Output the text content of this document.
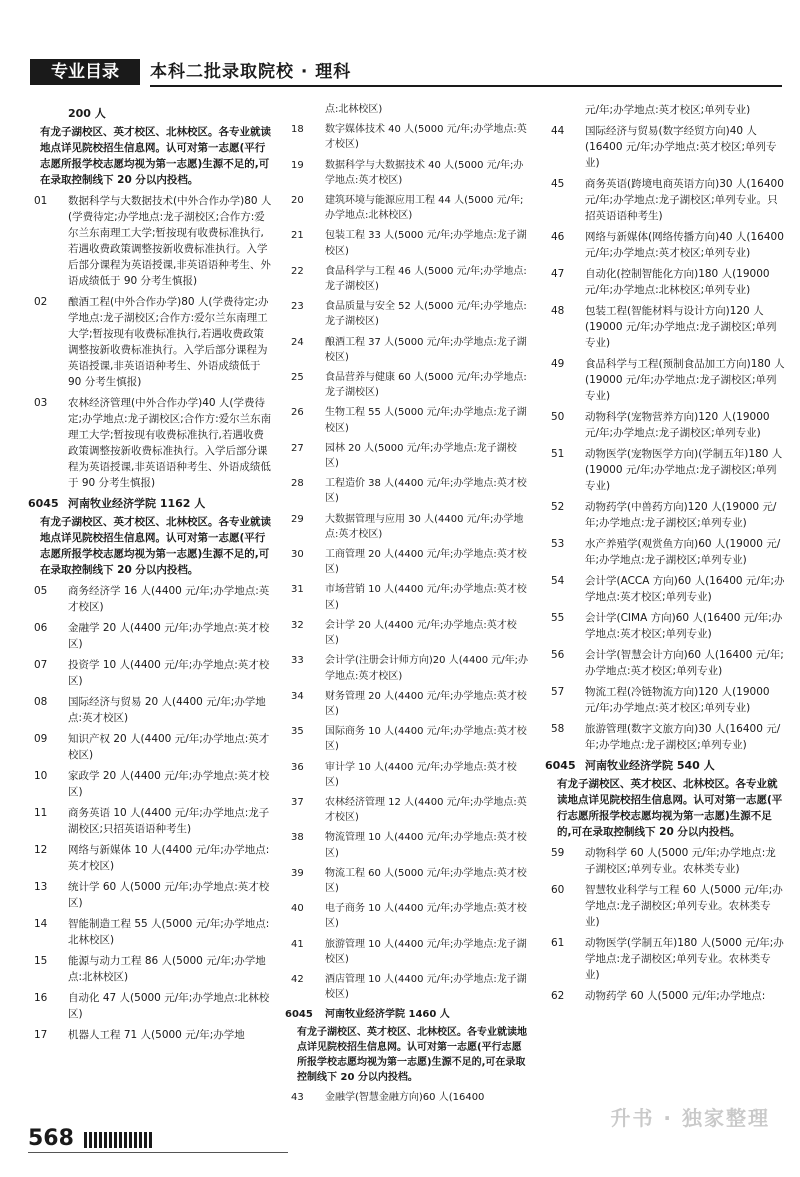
专业目录	本科二批录取院校 · 理科
200 人
有龙子湖校区、英才校区、北林校区。各专业就读地点详见院校招生信息网。认可对第一志愿(平行志愿所报学校志愿均视为第一志愿)生源不足的,可在录取控制线下 20 分以内投档。
01	数据科学与大数据技术(中外合作办学)80 人(学费待定;办学地点:龙子湖校区;合作方:爱尔兰东南理工大学;暂按现有收费标准执行,若遇收费政策调整按新收费标准执行。入学后部分课程为英语授课,非英语语种考生、外语成绩低于 90 分考生慎报)
02	酿酒工程(中外合作办学)80 人(学费待定;办学地点:龙子湖校区;合作方:爱尔兰东南理工大学;暂按现有收费标准执行,若遇收费政策调整按新收费标准执行。入学后部分课程为英语授课,非英语语种考生、外语成绩低于 90 分考生慎报)
03	农林经济管理(中外合作办学)40 人(学费待定;办学地点:龙子湖校区;合作方:爱尔兰东南理工大学;暂按现有收费标准执行,若遇收费政策调整按新收费标准执行。入学后部分课程为英语授课,非英语语种考生、外语成绩低于 90 分考生慎报)
6045 河南牧业经济学院 1162 人
有龙子湖校区、英才校区、北林校区。各专业就读地点详见院校招生信息网。认可对第一志愿(平行志愿所报学校志愿均视为第一志愿)生源不足的,可在录取控制线下 20 分以内投档。
05	商务经济学 16 人(4400 元/年;办学地点:英才校区)
06	金融学 20 人(4400 元/年;办学地点:英才校区)
07	投资学 10 人(4400 元/年;办学地点:英才校区)
08	国际经济与贸易 20 人(4400 元/年;办学地点:英才校区)
09	知识产权 20 人(4400 元/年;办学地点:英才校区)
10	家政学 20 人(4400 元/年;办学地点:英才校区)
11	商务英语 10 人(4400 元/年;办学地点:龙子湖校区;只招英语语种考生)
12	网络与新媒体 10 人(4400 元/年;办学地点:英才校区)
13	统计学 60 人(5000 元/年;办学地点:英才校区)
14	智能制造工程 55 人(5000 元/年;办学地点:北林校区)
15	能源与动力工程 86 人(5000 元/年;办学地点:北林校区)
16	自动化 47 人(5000 元/年;办学地点:北林校区)
17	机器人工程 71 人(5000 元/年;办学地
点:北林校区)
18	数字媒体技术 40 人(5000 元/年;办学地点:英才校区)
19	数据科学与大数据技术 40 人(5000 元/年;办学地点:英才校区)
20	建筑环境与能源应用工程 44 人(5000 元/年;办学地点:北林校区)
21	包装工程 33 人(5000 元/年;办学地点:龙子湖校区)
22	食品科学与工程 46 人(5000 元/年;办学地点:龙子湖校区)
23	食品质量与安全 52 人(5000 元/年;办学地点:龙子湖校区)
24	酿酒工程 37 人(5000 元/年;办学地点:龙子湖校区)
25	食品营养与健康 60 人(5000 元/年;办学地点:龙子湖校区)
26	生物工程 55 人(5000 元/年;办学地点:龙子湖校区)
27	园林 20 人(5000 元/年;办学地点:龙子湖校区)
28	工程造价 38 人(4400 元/年;办学地点:英才校区)
29	大数据管理与应用 30 人(4400 元/年;办学地点:英才校区)
30	工商管理 20 人(4400 元/年;办学地点:英才校区)
31	市场营销 10 人(4400 元/年;办学地点:英才校区)
32	会计学 20 人(4400 元/年;办学地点:英才校区)
33	会计学(注册会计师方向)20 人(4400 元/年;办学地点:英才校区)
34	财务管理 20 人(4400 元/年;办学地点:英才校区)
35	国际商务 10 人(4400 元/年;办学地点:英才校区)
36	审计学 10 人(4400 元/年;办学地点:英才校区)
37	农林经济管理 12 人(4400 元/年;办学地点:英才校区)
38	物流管理 10 人(4400 元/年;办学地点:英才校区)
39	物流工程 60 人(5000 元/年;办学地点:英才校区)
40	电子商务 10 人(4400 元/年;办学地点:英才校区)
41	旅游管理 10 人(4400 元/年;办学地点:龙子湖校区)
42	酒店管理 10 人(4400 元/年;办学地点:龙子湖校区)
6045 河南牧业经济学院 1460 人
有龙子湖校区、英才校区、北林校区。各专业就读地点详见院校招生信息网。认可对第一志愿(平行志愿所报学校志愿均视为第一志愿)生源不足的,可在录取控制线下 20 分以内投档。
43	金融学(智慧金融方向)60 人(16400
元/年;办学地点:英才校区;单列专业)
44	国际经济与贸易(数字经贸方向)40 人(16400 元/年;办学地点:英才校区;单列专业)
45	商务英语(跨境电商英语方向)30 人(16400 元/年;办学地点:龙子湖校区;单列专业。只招英语语种考生)
46	网络与新媒体(网络传播方向)40 人(16400 元/年;办学地点:英才校区;单列专业)
47	自动化(控制智能化方向)180 人(19000 元/年;办学地点:北林校区;单列专业)
48	包装工程(智能材料与设计方向)120 人(19000 元/年;办学地点:龙子湖校区;单列专业)
49	食品科学与工程(预制食品加工方向)180 人(19000 元/年;办学地点:龙子湖校区;单列专业)
50	动物科学(宠物营养方向)120 人(19000 元/年;办学地点:龙子湖校区;单列专业)
51	动物医学(宠物医学方向)(学制五年)180 人(19000 元/年;办学地点:龙子湖校区;单列专业)
52	动物药学(中兽药方向)120 人(19000 元/年;办学地点:龙子湖校区;单列专业)
53	水产养殖学(观赏鱼方向)60 人(19000 元/年;办学地点:龙子湖校区;单列专业)
54	会计学(ACCA 方向)60 人(16400 元/年;办学地点:英才校区;单列专业)
55	会计学(CIMA 方向)60 人(16400 元/年;办学地点:英才校区;单列专业)
56	会计学(智慧会计方向)60 人(16400 元/年;办学地点:英才校区;单列专业)
57	物流工程(冷链物流方向)120 人(19000 元/年;办学地点:英才校区;单列专业)
58	旅游管理(数字文旅方向)30 人(16400 元/年;办学地点:龙子湖校区;单列专业)
6045 河南牧业经济学院 540 人
有龙子湖校区、英才校区、北林校区。各专业就读地点详见院校招生信息网。认可对第一志愿(平行志愿所报学校志愿均视为第一志愿)生源不足的,可在录取控制线下 20 分以内投档。
59	动物科学 60 人(5000 元/年;办学地点:龙子湖校区;单列专业。农林类专业)
60	智慧牧业科学与工程 60 人(5000 元/年;办学地点:龙子湖校区;单列专业。农林类专业)
61	动物医学(学制五年)180 人(5000 元/年;办学地点:龙子湖校区;单列专业。农林类专业)
62	动物药学 60 人(5000 元/年;办学地点:
568
升书 · 独家整理
